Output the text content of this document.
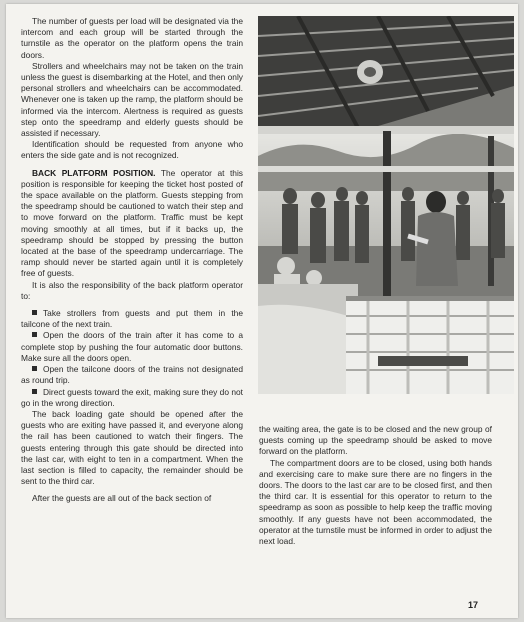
The number of guests per load will be designated via the intercom and each group will be started through the turnstile as the operator on the platform opens the train doors.

Strollers and wheelchairs may not be taken on the train unless the guest is disembarking at the Hotel, and then only personal strollers and wheelchairs can be accommodated. Whenever one is taken up the ramp, the platform should be informed via the intercom. Alertness is required as guests step onto the speedramp and elderly guests should be assisted if necessary.

Identification should be requested from anyone who enters the side gate and is not recognized.

BACK PLATFORM POSITION. The operator at this position is responsible for keeping the ticket host posted of the space available on the platform. Guests stepping from the speedramp should be cautioned to watch their step and to move forward on the platform. Traffic must be kept moving smoothly at all times, but if it backs up, the speedramp should be stopped by pressing the button located at the base of the speedramp undercarriage. The ramp should never be started again until it is completely free of guests.

It is also the responsibility of the back platform operator to:

Take strollers from guests and put them in the tailcone of the next train.

Open the doors of the train after it has come to a complete stop by pushing the four automatic door buttons. Make sure all the doors open.

Open the tailcone doors of the trains not designated as round trip.

Direct guests toward the exit, making sure they do not go in the wrong direction.

The back loading gate should be opened after the guests who are exiting have passed it, and everyone along the rail has been cautioned to watch their fingers. The guests entering through this gate should be directed into the last car, with eight to ten in a compartment. When the last section is filled to capacity, the remainder should be sent to the third car.

After the guests are all out of the back section of

the waiting area, the gate is to be closed and the new group of guests coming up the speedramp should be asked to move forward on the platform.

The compartment doors are to be closed, using both hands and exercising care to make sure there are no fingers in the doors. The doors to the last car are to be closed first, and then the third car. It is essential for this operator to return to the speedramp as soon as possible to help keep the traffic moving smoothly. If any guests have not been accommodated, the operator at the turnstile must be informed in order to adjust the next load.

17
